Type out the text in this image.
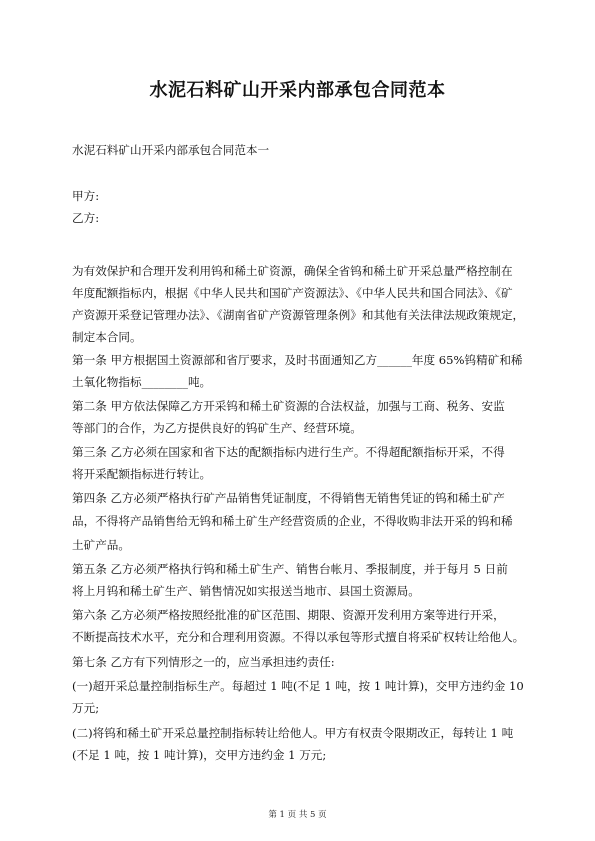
水泥石料矿山开采内部承包合同范本
水泥石料矿山开采内部承包合同范本一
甲方:
乙方:
为有效保护和合理开发利用钨和稀土矿资源，确保全省钨和稀土矿开采总量严格控制在
年度配额指标内，根据《中华人民共和国矿产资源法》、《中华人民共和国合同法》、《矿
产资源开采登记管理办法》、《湖南省矿产资源管理条例》和其他有关法律法规政策规定，
制定本合同。
第一条 甲方根据国土资源部和省厅要求，及时书面通知乙方______年度 65%钨精矿和稀
土氧化物指标________吨。
第二条 甲方依法保障乙方开采钨和稀土矿资源的合法权益，加强与工商、税务、安监
等部门的合作，为乙方提供良好的钨矿生产、经营环境。
第三条 乙方必须在国家和省下达的配额指标内进行生产。不得超配额指标开采，不得
将开采配额指标进行转让。
第四条 乙方必须严格执行矿产品销售凭证制度，不得销售无销售凭证的钨和稀土矿产
品，不得将产品销售给无钨和稀土矿生产经营资质的企业，不得收购非法开采的钨和稀
土矿产品。
第五条 乙方必须严格执行钨和稀土矿生产、销售台帐月、季报制度，并于每月 5 日前
将上月钨和稀土矿生产、销售情况如实报送当地市、县国土资源局。
第六条 乙方必须严格按照经批准的矿区范围、期限、资源开发利用方案等进行开采，
不断提高技术水平，充分和合理利用资源。不得以承包等形式擅自将采矿权转让给他人。
第七条 乙方有下列情形之一的，应当承担违约责任:
(一)超开采总量控制指标生产。每超过 1 吨(不足 1 吨，按 1 吨计算)，交甲方违约金 10
万元;
(二)将钨和稀土矿开采总量控制指标转让给他人。甲方有权责令限期改正，每转让 1 吨
(不足 1 吨，按 1 吨计算)，交甲方违约金 1 万元;
第 1 页 共 5 页
